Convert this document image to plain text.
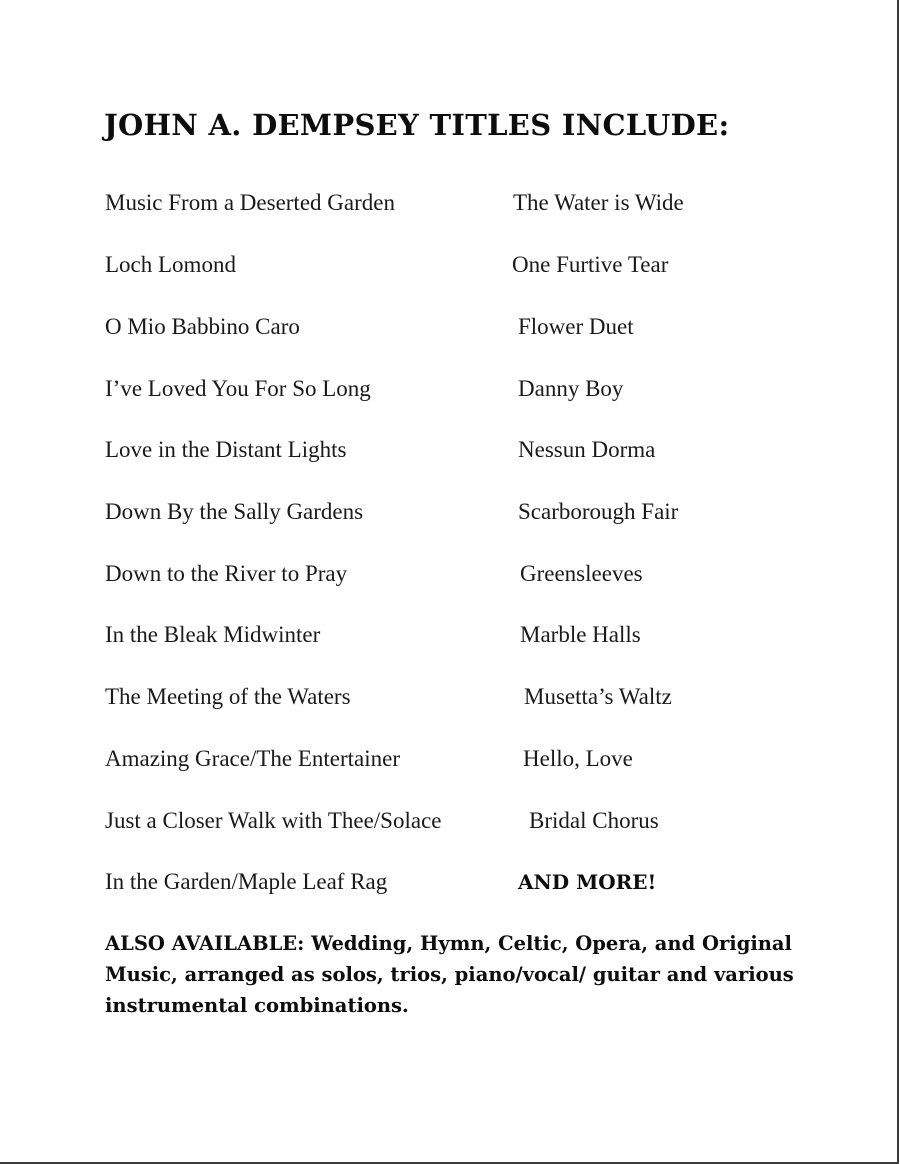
JOHN A. DEMPSEY TITLES INCLUDE:
Music From a Deserted Garden	The Water is Wide
Loch Lomond	One Furtive Tear
O Mio Babbino Caro	Flower Duet
I’ve Loved You For So Long	Danny Boy
Love in the Distant Lights	Nessun Dorma
Down By the Sally Gardens	Scarborough Fair
Down to the River to Pray	Greensleeves
In the Bleak Midwinter	Marble Halls
The Meeting of the Waters	Musetta’s Waltz
Amazing Grace/The Entertainer	Hello, Love
Just a Closer Walk with Thee/Solace	Bridal Chorus
In the Garden/Maple Leaf Rag	AND MORE!

ALSO AVAILABLE: Wedding, Hymn, Celtic, Opera, and Original Music, arranged as solos, trios, piano/vocal/ guitar and various instrumental combinations.
